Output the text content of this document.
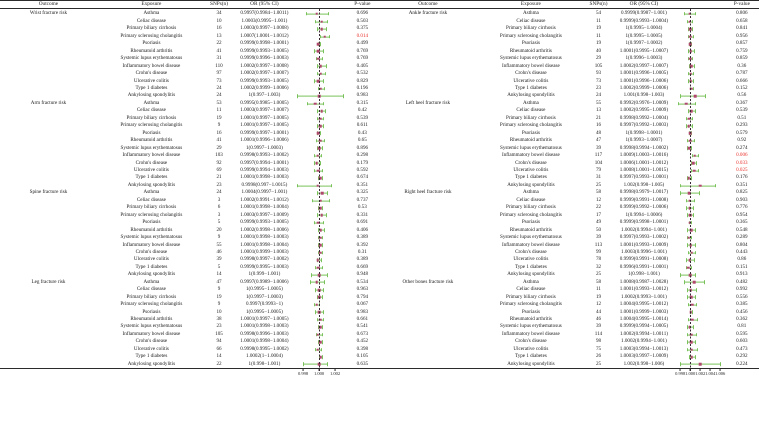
Outcome	Exposure	SNPs(n)	OR (95% CI)		P-value
Wrist fracture risk	Asthma	34	0.9997(0.9984−1.0011)		0.696
	Celiac disease	10	1.0003(0.9995−1.001)		0.503
	Primary biliary cirrhosis	16	1.0003(0.9997−1.0008)		0.375
	Primary sclerosing cholangitis	13	1.0007(1.0001−1.0012)		0.014
	Psoriasis	22	0.9999(0.9998−1.0001)		0.499
	Rheumatoid arthritis	41	0.9999(0.9993−1.0005)		0.769
	Systemic lupus erythematosus	31	0.9999(0.9996−1.0003)		0.769
	Inflammatory bowel disease	110	1.0002(0.9997−1.0008)		0.405
	Crohn's disease	97	1.0002(0.9997−1.0007)		0.532
	Ulcerative colitis	73	0.9999(0.9993−1.0005)		0.829
	Type 1 diabetes	24	1.0002(0.9999−1.0006)		0.196
	Ankylosing spondylitis	24	1(0.997−1.003)		0.983
Arm fracture risk	Asthma	53	0.9995(0.9985−1.0005)		0.315
	Celiac disease	11	1.0003(0.9997−1.0007)		0.42
	Primary biliary cirrhosis	19	1.0001(0.9997−1.0005)		0.539
	Primary sclerosing cholangitis	9	1.0001(0.9997−1.0005)		0.611
	Psoriasis	16	0.9999(0.9997−1.0001)		0.43
	Rheumatoid arthritis	41	1.0001(0.9996−1.0006)		0.65
	Systemic lupus erythematosus	29	1(0.9997−1.0003)		0.896
	Inflammatory bowel disease	103	0.9998(0.9993−1.0002)		0.298
	Crohn's disease	92	0.9997(0.9994−1.0001)		0.179
	Ulcerative colitis	69	0.9999(0.9994−1.0003)		0.592
	Type 1 diabetes	21	1.0001(0.9998−1.0003)		0.674
	Ankylosing spondylitis	23	0.9998(0.997−1.0015)		0.351
Spine fracture risk	Asthma	24	1.0004(0.9997−1.001)		0.325
	Celiac disease	3	1.0002(0.9991−1.0012)		0.737
	Primary biliary cirrhosis	6	1.0001(0.9998−1.0004)		0.53
	Primary sclerosing cholangitis	3	1.0003(0.9997−1.0009)		0.331
	Psoriasis	5	0.9999(0.9993−1.0005)		0.691
	Rheumatoid arthritis	20	1.0002(0.9998−1.0006)		0.406
	Systemic lupus erythematosus	9	1.0001(0.9998−1.0003)		0.389
	Inflammatory bowel disease	55	1.0001(0.9998−1.0004)		0.392
	Crohn's disease	46	1.0001(0.9999−1.0003)		0.31
	Ulcerative colitis	39	0.9998(0.9997−1.0002)		0.389
	Type 1 diabetes	5	0.9999(0.9995−1.0003)		0.669
	Ankylosing spondylitis	14	1(0.999−1.001)		0.948
Leg fracture risk	Asthma	47	0.9997(0.9989−1.0006)		0.534
	Celiac disease	9	1(0.9995−1.0005)		0.963
	Primary biliary cirrhosis	19	1(0.9997−1.0003)		0.794
	Primary sclerosing cholangitis	9	0.9997(0.9993−1)		0.067
	Psoriasis	10	1(0.9995−1.0005)		0.983
	Rheumatoid arthritis	38	1.0001(0.9997−1.0005)		0.661
	Systemic lupus erythematosus	23	1.0001(0.9998−1.0003)		0.541
	Inflammatory bowel disease	105	0.9998(0.9996−1.0003)		0.673
	Crohn's disease	94	1.0001(0.9998−1.0004)		0.452
	Ulcerative colitis	66	0.9998(0.9995−1.0002)		0.398
	Type 1 diabetes	14	1.0002(1−1.0004)		0.105
	Ankylosing spondylitis	22	1(0.998−1.001)		0.635
0.998 1.000 1.002
Outcome	Exposure	SNPs(n)	OR (95% CI)		P-value
Ankle fracture risk	Asthma	54	0.9999(0.9987−1.001)		0.806
	Celiac disease	11	0.9999(0.9993−1.0004)		0.658
	Primary biliary cirrhosis	19	1(0.9995−1.0004)		0.841
	Primary sclerosing cholangitis	11	1(0.9995−1.0005)		0.956
	Psoriasis	19	1(0.9997−1.0002)		0.857
	Rheumatoid arthritis	40	1.0001(0.9995−1.0007)		0.759
	Systemic lupus erythematosus	29	1(0.9996−1.0003)		0.859
	Inflammatory bowel disease	105	1.0002(0.9997−1.0007)		0.36
	Crohn's disease	93	1.0001(0.9996−1.0005)		0.787
	Ulcerative colitis	73	1.0001(0.9996−1.0006)		0.666
	Type 1 diabetes	23	1.0002(0.9999−1.0006)		0.152
	Ankylosing spondylitis	24	1.001(0.998−1.003)		0.56
Left heel fracture risk	Asthma	55	0.9992(0.9976−1.0009)		0.367
	Celiac disease	13	1.0002(0.9995−1.0009)		0.539
	Primary biliary cirrhosis	21	0.9998(0.9992−1.0004)		0.51
	Primary sclerosing cholangitis	16	0.9997(0.9992−1.0003)		0.293
	Psoriasis	48	1(0.9998−1.0001)		0.579
	Rheumatoid arthritis	47	1(0.9993−1.0007)		0.92
	Systemic lupus erythematosus	39	0.9998(0.9994−1.0002)		0.274
	Inflammatory bowel disease	117	1.0009(1.0003−1.0016)		0.006
	Crohn's disease	104	1.0006(1.0001−1.0012)		0.033
	Ulcerative colitis	79	1.0008(1.0001−1.0015)		0.025
	Type 1 diabetes	31	0.9997(0.9993−1.0001)		0.176
	Ankylosing spondylitis	25	1.002(0.998−1.005)		0.351
Right heel fracture risk	Asthma	58	0.9998(0.9979−1.0017)		0.825
	Celiac disease	12	0.9999(0.9991−1.0008)		0.903
	Primary biliary cirrhosis	22	0.9999(0.9992−1.0006)		0.776
	Primary sclerosing cholangitis	17	1(0.9994−1.0006)		0.954
	Psoriasis	49	0.9999(0.9998−1.0001)		0.365
	Rheumatoid arthritis	50	1.0002(0.9994−1.001)		0.548
	Systemic lupus erythematosus	39	0.9997(0.9993−1.0002)		0.289
	Inflammatory bowel disease	113	1.0001(0.9993−1.0009)		0.804
	Crohn's disease	99	1.0003(0.9996−1.001)		0.443
	Ulcerative colitis	78	0.9999(0.9991−1.0008)		0.86
	Type 1 diabetes	32	0.9996(0.9991−1.0001)		0.151
	Ankylosing spondylitis	25	1(0.998−1.001)		0.913
Other bones fracture risk	Asthma	58	1.0008(0.9987−1.0028)		0.482
	Celiac disease	11	1.0001(0.9993−1.0012)		0.992
	Primary biliary cirrhosis	19	1.0002(0.9993−1.001)		0.556
	Primary sclerosing cholangitis	12	1.0004(0.9995−1.0012)		0.385
	Psoriasis	44	1.0001(0.9999−1.0003)		0.456
	Rheumatoid arthritis	46	1.0004(0.9995−1.0014)		0.362
	Systemic lupus erythematosus	39	0.9999(0.9994−1.0005)		0.81
	Inflammatory bowel disease	114	1.0002(0.9994−1.0011)		0.595
	Crohn's disease	98	1.0002(0.9994−1.001)		0.603
	Ulcerative colitis	75	1.0003(0.9994−1.0013)		0.473
	Type 1 diabetes	26	1.0003(0.9997−1.0009)		0.292
	Ankylosing spondylitis	25	1.002(0.998−1.006)		0.224
0.998 1.000 1.002 1.004 1.006
